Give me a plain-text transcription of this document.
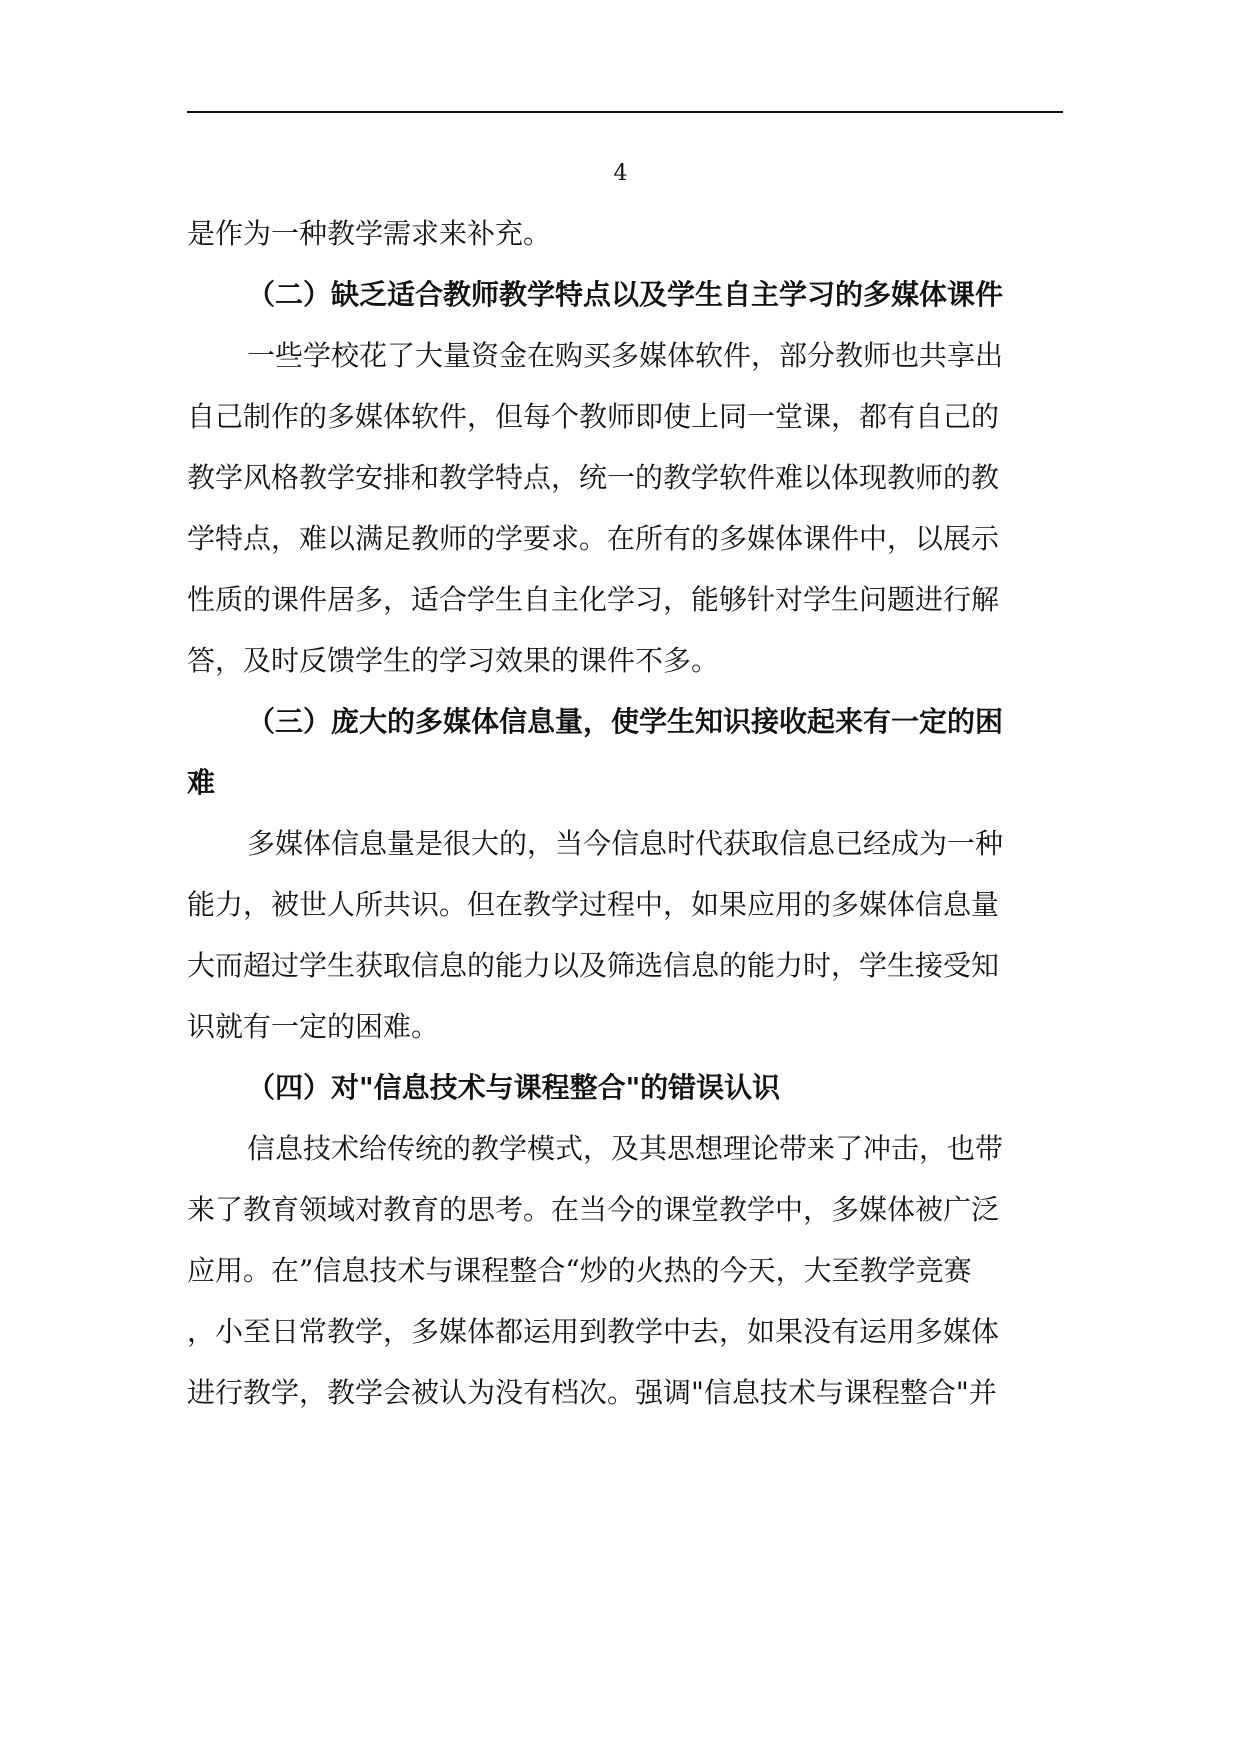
4
是作为一种教学需求来补充。
（二）缺乏适合教师教学特点以及学生自主学习的多媒体课件
一些学校花了大量资金在购买多媒体软件，部分教师也共享出
自己制作的多媒体软件，但每个教师即使上同一堂课，都有自己的
教学风格教学安排和教学特点，统一的教学软件难以体现教师的教
学特点，难以满足教师的学要求。在所有的多媒体课件中，以展示
性质的课件居多，适合学生自主化学习，能够针对学生问题进行解
答，及时反馈学生的学习效果的课件不多。
（三）庞大的多媒体信息量，使学生知识接收起来有一定的困
难
多媒体信息量是很大的，当今信息时代获取信息已经成为一种
能力，被世人所共识。但在教学过程中，如果应用的多媒体信息量
大而超过学生获取信息的能力以及筛选信息的能力时，学生接受知
识就有一定的困难。
（四）对"信息技术与课程整合"的错误认识
信息技术给传统的教学模式，及其思想理论带来了冲击，也带
来了教育领域对教育的思考。在当今的课堂教学中，多媒体被广泛
应用。在”信息技术与课程整合“炒的火热的今天，大至教学竞赛
，小至日常教学，多媒体都运用到教学中去，如果没有运用多媒体
进行教学，教学会被认为没有档次。强调"信息技术与课程整合"并
